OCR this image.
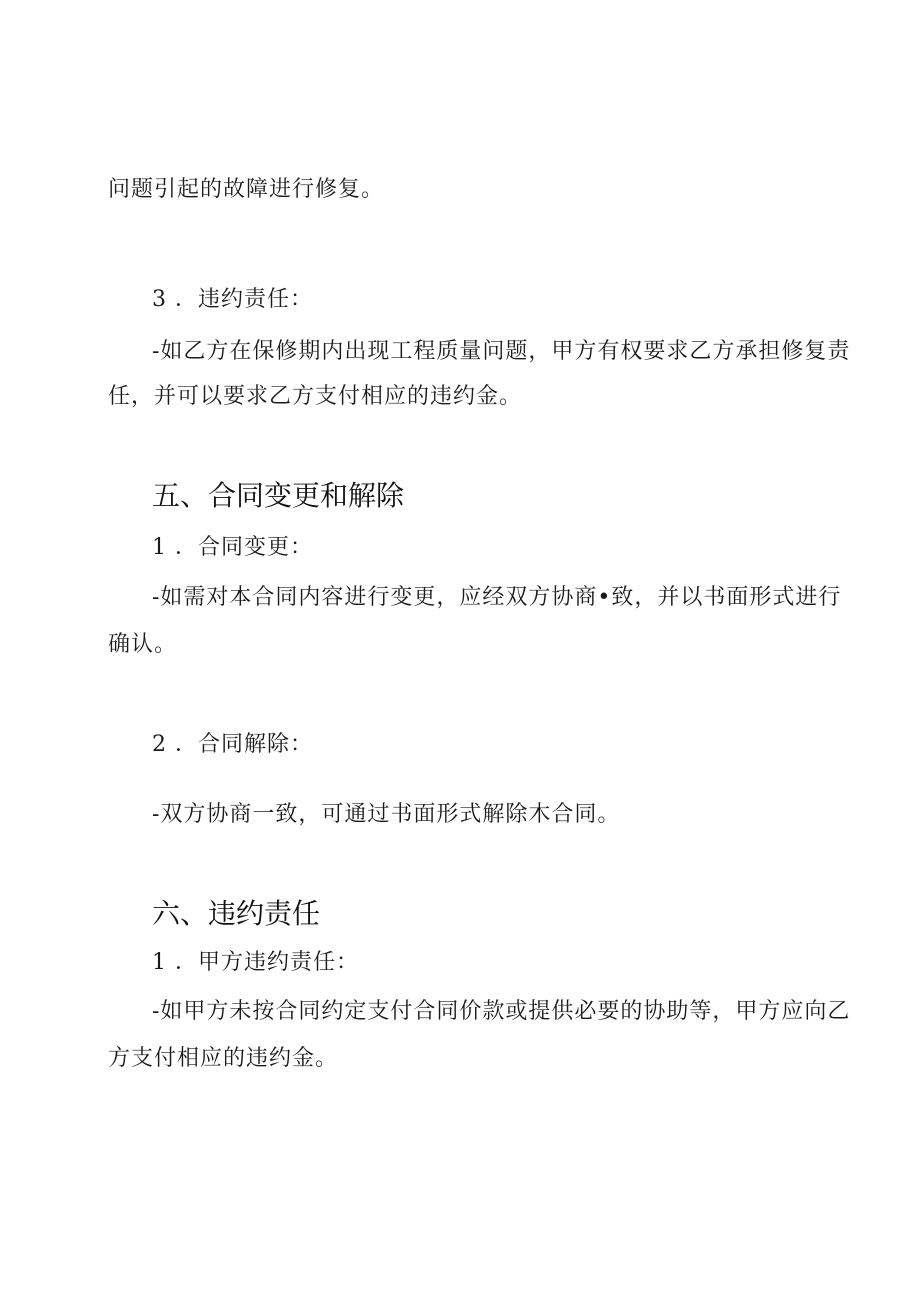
问题引起的故障进行修复。
3 ．违约责任：
-如乙方在保修期内出现工程质量问题，甲方有权要求乙方承担修复责
任，并可以要求乙方支付相应的违约金。
五、合同变更和解除
1 ．合同变更：
-如需对本合同内容进行变更，应经双方协商•致，并以书面形式进行
确认。
2 ．合同解除：
-双方协商一致，可通过书面形式解除木合同。
六、违约责任
1 ．甲方违约责任：
-如甲方未按合同约定支付合同价款或提供必要的协助等，甲方应向乙
方支付相应的违约金。
